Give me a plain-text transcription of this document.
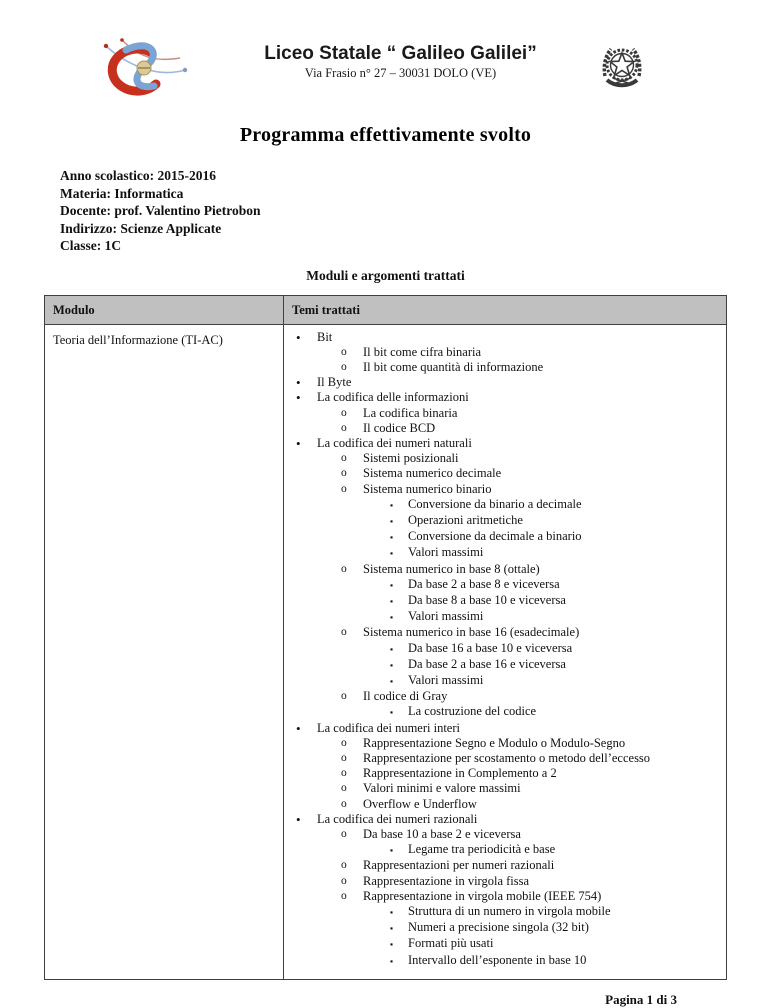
Liceo Statale “ Galileo Galilei”
Via Frasio n° 27 – 30031 DOLO (VE)
Programma effettivamente svolto
Anno scolastico: 2015-2016
Materia: Informatica
Docente: prof. Valentino Pietrobon
Indirizzo: Scienze Applicate
Classe: 1C
Moduli e argomenti trattati
Modulo	Temi trattati
Teoria dell’Informazione (TI-AC)	•	Bit
o	Il bit come cifra binaria
o	Il bit come quantità di informazione
•	Il Byte
•	La codifica delle informazioni
o	La codifica binaria
o	Il codice BCD
•	La codifica dei numeri naturali
o	Sistemi posizionali
o	Sistema numerico decimale
o	Sistema numerico binario
▪	Conversione da binario a decimale
▪	Operazioni aritmetiche
▪	Conversione da decimale a binario
▪	Valori massimi
o	Sistema numerico in base 8 (ottale)
▪	Da base 2 a base 8 e viceversa
▪	Da base 8 a base 10 e viceversa
▪	Valori massimi
o	Sistema numerico in base 16 (esadecimale)
▪	Da base 16 a base 10 e viceversa
▪	Da base 2 a base 16 e viceversa
▪	Valori massimi
o	Il codice di Gray
▪	La costruzione del codice
•	La codifica dei numeri interi
o	Rappresentazione Segno e Modulo o Modulo-Segno
o	Rappresentazione per scostamento o metodo dell’eccesso
o	Rappresentazione in Complemento a 2
o	Valori minimi e valore massimi
o	Overflow e Underflow
•	La codifica dei numeri razionali
o	Da base 10 a base 2 e viceversa
▪	Legame tra periodicità e base
o	Rappresentazioni per numeri razionali
o	Rappresentazione in virgola fissa
o	Rappresentazione in virgola mobile (IEEE 754)
▪	Struttura di un numero in virgola mobile
▪	Numeri a precisione singola (32 bit)
▪	Formati più usati
▪	Intervallo dell’esponente in base 10
Pagina 1 di 3
